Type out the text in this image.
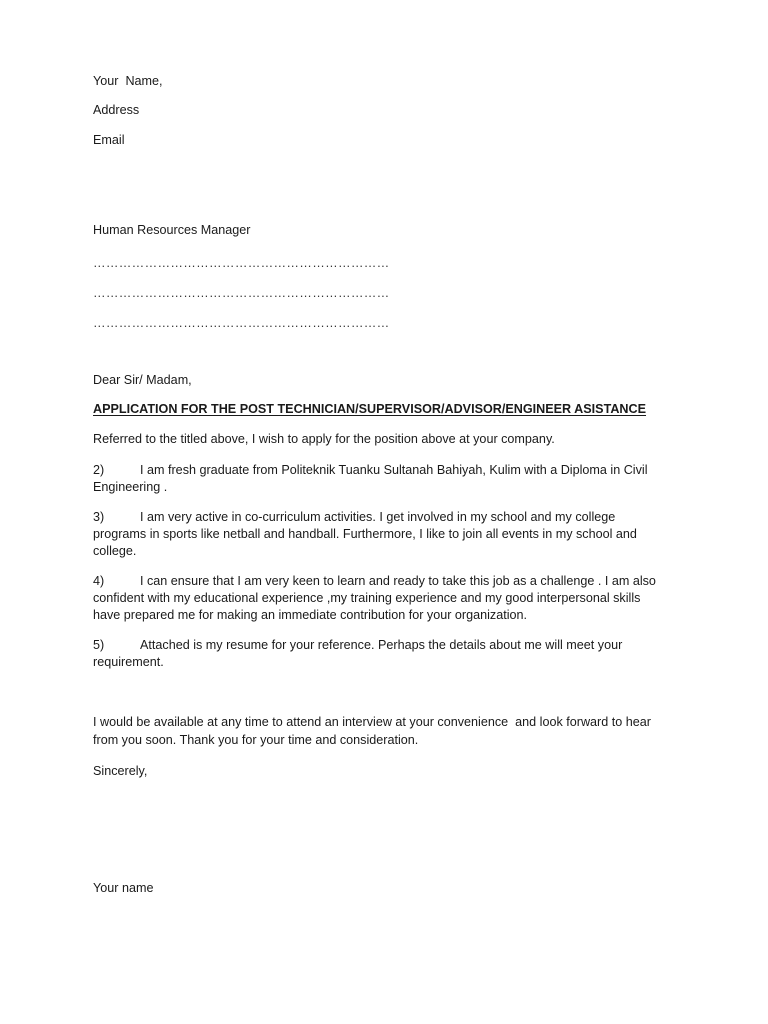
Your  Name,
Address
Email
Human Resources Manager
……………………………………………………………
……………………………………………………………
……………………………………………………………
Dear Sir/ Madam,
APPLICATION FOR THE POST TECHNICIAN/SUPERVISOR/ADVISOR/ENGINEER ASISTANCE
Referred to the titled above, I wish to apply for the position above at your company.
2)	I am fresh graduate from Politeknik Tuanku Sultanah Bahiyah, Kulim with a Diploma in Civil
Engineering .
3)	I am very active in co-curriculum activities. I get involved in my school and my college
programs in sports like netball and handball. Furthermore, I like to join all events in my school and
college.
4)	I can ensure that I am very keen to learn and ready to take this job as a challenge . I am also
confident with my educational experience ,my training experience and my good interpersonal skills
have prepared me for making an immediate contribution for your organization.
5)	Attached is my resume for your reference. Perhaps the details about me will meet your
requirement.
I would be available at any time to attend an interview at your convenience  and look forward to hear
from you soon. Thank you for your time and consideration.
Sincerely,
Your name
